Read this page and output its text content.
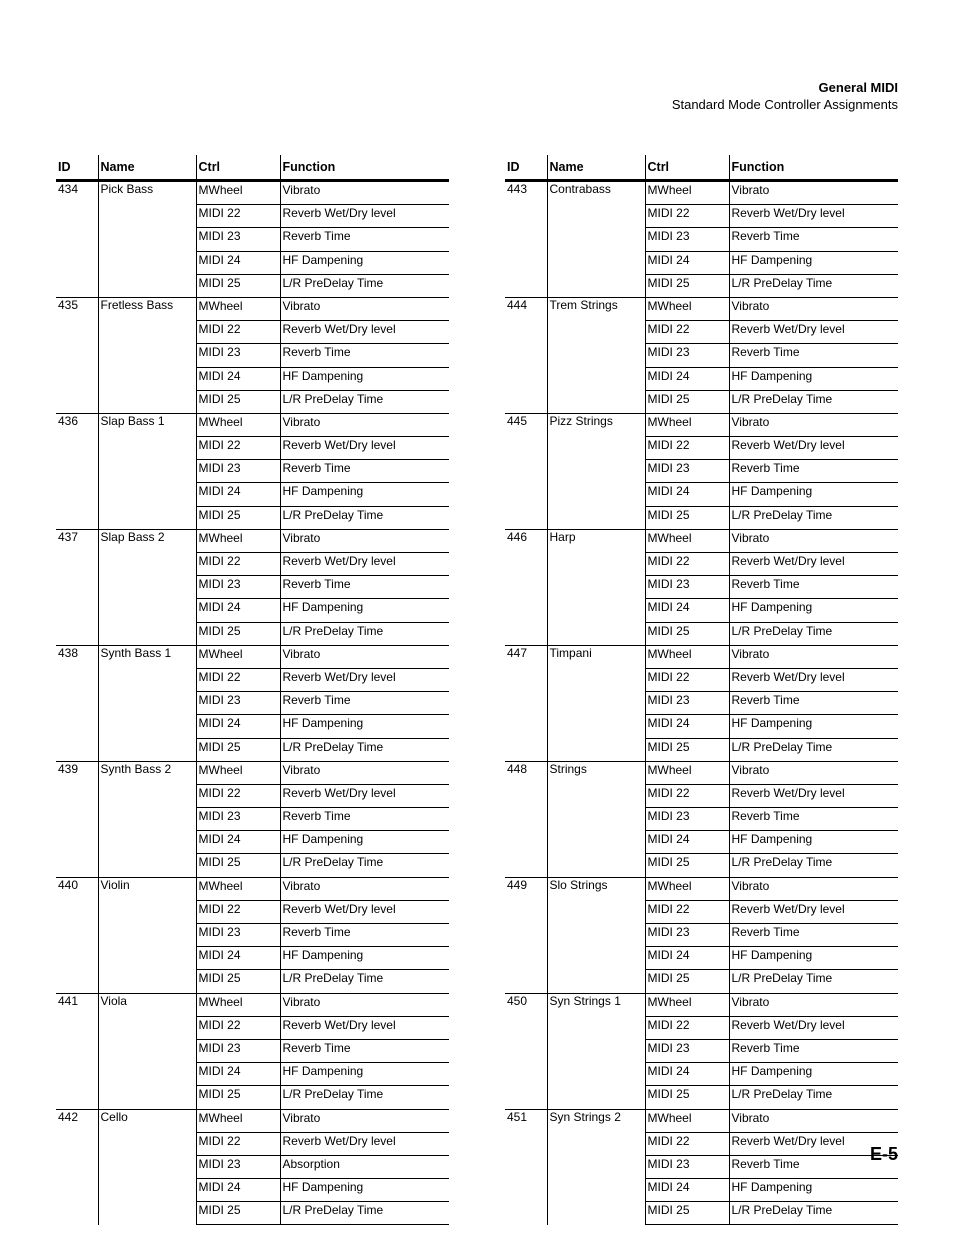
General MIDI
Standard Mode Controller Assignments
ID	Name	Ctrl	Function
434	Pick Bass	MWheel	Vibrato
		MIDI 22	Reverb Wet/Dry level
		MIDI 23	Reverb Time
		MIDI 24	HF Dampening
		MIDI 25	L/R PreDelay Time
435	Fretless Bass	MWheel	Vibrato
		MIDI 22	Reverb Wet/Dry level
		MIDI 23	Reverb Time
		MIDI 24	HF Dampening
		MIDI 25	L/R PreDelay Time
436	Slap Bass 1	MWheel	Vibrato
		MIDI 22	Reverb Wet/Dry level
		MIDI 23	Reverb Time
		MIDI 24	HF Dampening
		MIDI 25	L/R PreDelay Time
437	Slap Bass 2	MWheel	Vibrato
		MIDI 22	Reverb Wet/Dry level
		MIDI 23	Reverb Time
		MIDI 24	HF Dampening
		MIDI 25	L/R PreDelay Time
438	Synth Bass 1	MWheel	Vibrato
		MIDI 22	Reverb Wet/Dry level
		MIDI 23	Reverb Time
		MIDI 24	HF Dampening
		MIDI 25	L/R PreDelay Time
439	Synth Bass 2	MWheel	Vibrato
		MIDI 22	Reverb Wet/Dry level
		MIDI 23	Reverb Time
		MIDI 24	HF Dampening
		MIDI 25	L/R PreDelay Time
440	Violin	MWheel	Vibrato
		MIDI 22	Reverb Wet/Dry level
		MIDI 23	Reverb Time
		MIDI 24	HF Dampening
		MIDI 25	L/R PreDelay Time
441	Viola	MWheel	Vibrato
		MIDI 22	Reverb Wet/Dry level
		MIDI 23	Reverb Time
		MIDI 24	HF Dampening
		MIDI 25	L/R PreDelay Time
442	Cello	MWheel	Vibrato
		MIDI 22	Reverb Wet/Dry level
		MIDI 23	Absorption
		MIDI 24	HF Dampening
		MIDI 25	L/R PreDelay Time
ID	Name	Ctrl	Function
443	Contrabass	MWheel	Vibrato
		MIDI 22	Reverb Wet/Dry level
		MIDI 23	Reverb Time
		MIDI 24	HF Dampening
		MIDI 25	L/R PreDelay Time
444	Trem Strings	MWheel	Vibrato
		MIDI 22	Reverb Wet/Dry level
		MIDI 23	Reverb Time
		MIDI 24	HF Dampening
		MIDI 25	L/R PreDelay Time
445	Pizz Strings	MWheel	Vibrato
		MIDI 22	Reverb Wet/Dry level
		MIDI 23	Reverb Time
		MIDI 24	HF Dampening
		MIDI 25	L/R PreDelay Time
446	Harp	MWheel	Vibrato
		MIDI 22	Reverb Wet/Dry level
		MIDI 23	Reverb Time
		MIDI 24	HF Dampening
		MIDI 25	L/R PreDelay Time
447	Timpani	MWheel	Vibrato
		MIDI 22	Reverb Wet/Dry level
		MIDI 23	Reverb Time
		MIDI 24	HF Dampening
		MIDI 25	L/R PreDelay Time
448	Strings	MWheel	Vibrato
		MIDI 22	Reverb Wet/Dry level
		MIDI 23	Reverb Time
		MIDI 24	HF Dampening
		MIDI 25	L/R PreDelay Time
449	Slo Strings	MWheel	Vibrato
		MIDI 22	Reverb Wet/Dry level
		MIDI 23	Reverb Time
		MIDI 24	HF Dampening
		MIDI 25	L/R PreDelay Time
450	Syn Strings 1	MWheel	Vibrato
		MIDI 22	Reverb Wet/Dry level
		MIDI 23	Reverb Time
		MIDI 24	HF Dampening
		MIDI 25	L/R PreDelay Time
451	Syn Strings 2	MWheel	Vibrato
		MIDI 22	Reverb Wet/Dry level
		MIDI 23	Reverb Time
		MIDI 24	HF Dampening
		MIDI 25	L/R PreDelay Time
E-5
